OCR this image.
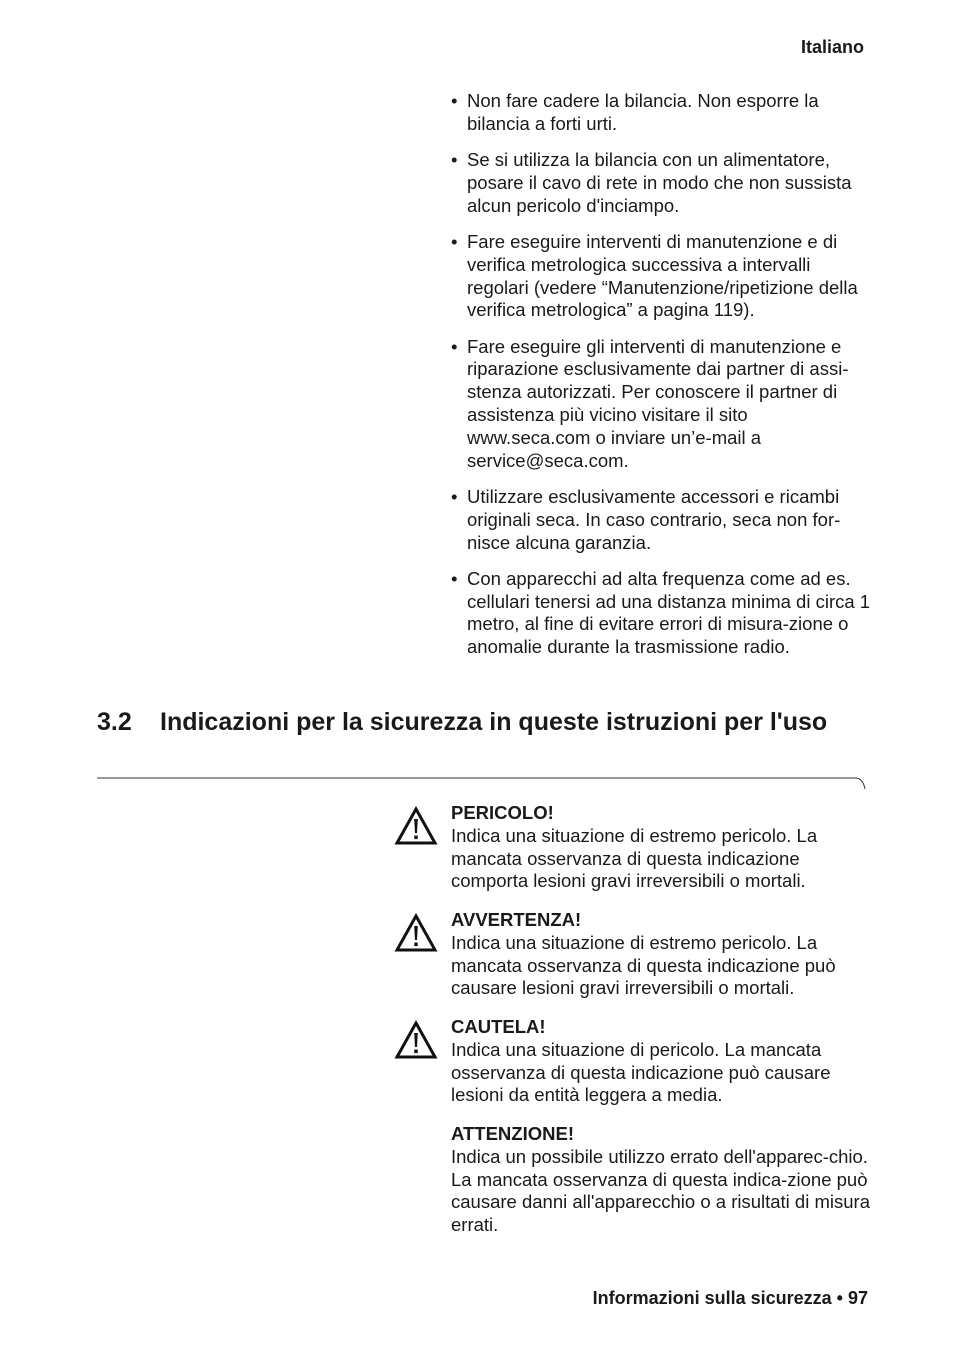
Italiano
• Non fare cadere la bilancia. Non esporre la bilancia a forti urti.
• Se si utilizza la bilancia con un alimentatore, posare il cavo di rete in modo che non sussista alcun pericolo d'inciampo.
• Fare eseguire interventi di manutenzione e di verifica metrologica successiva a intervalli regolari (vedere “Manutenzione/ripetizione della verifica metrologica” a pagina 119).
• Fare eseguire gli interventi di manutenzione e riparazione esclusivamente dai partner di assi-stenza autorizzati. Per conoscere il partner di assistenza più vicino visitare il sito www.seca.com o inviare un’e-mail a service@seca.com.
• Utilizzare esclusivamente accessori e ricambi originali seca. In caso contrario, seca non for-nisce alcuna garanzia.
• Con apparecchi ad alta frequenza come ad es. cellulari tenersi ad una distanza minima di circa 1 metro, al fine di evitare errori di misura-zione o anomalie durante la trasmissione radio.
3.2 Indicazioni per la sicurezza in queste istruzioni per l'uso
PERICOLO!
Indica una situazione di estremo pericolo. La mancata osservanza di questa indicazione comporta lesioni gravi irreversibili o mortali.
AVVERTENZA!
Indica una situazione di estremo pericolo. La mancata osservanza di questa indicazione può causare lesioni gravi irreversibili o mortali.
CAUTELA!
Indica una situazione di pericolo. La mancata osservanza di questa indicazione può causare lesioni da entità leggera a media.
ATTENZIONE!
Indica un possibile utilizzo errato dell'apparec-chio. La mancata osservanza di questa indica-zione può causare danni all'apparecchio o a risultati di misura errati.
Informazioni sulla sicurezza • 97
